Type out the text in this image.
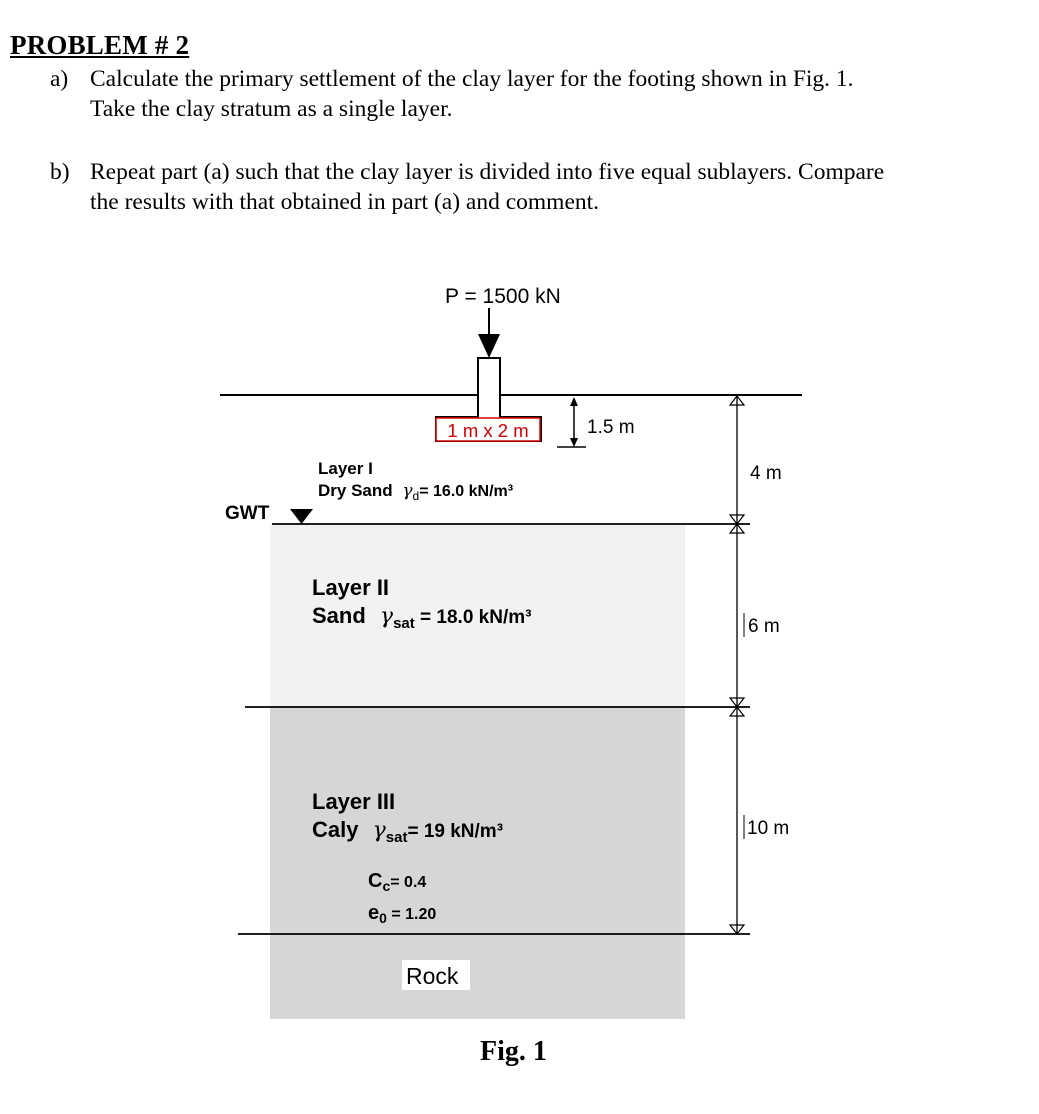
PROBLEM # 2
a) Calculate the primary settlement of the clay layer for the footing shown in Fig. 1.
Take the clay stratum as a single layer.
b) Repeat part (a) such that the clay layer is divided into five equal sublayers. Compare
the results with that obtained in part (a) and comment.
P = 1500 kN
1 m x 2 m	1.5 m
Layer I
Dry Sand $\gamma_d= 16.0$ kN/m³
GWT
Layer II
Sand $\gamma_{sat} = 18.0$ kN/m³
Layer III
Caly $\gamma_{sat}= 19$ kN/m³
$C_c^{= 0.4}$
$e_0$ $^{= 1.20}$
Rock
4 m
6 m
10 m
Fig. 1
